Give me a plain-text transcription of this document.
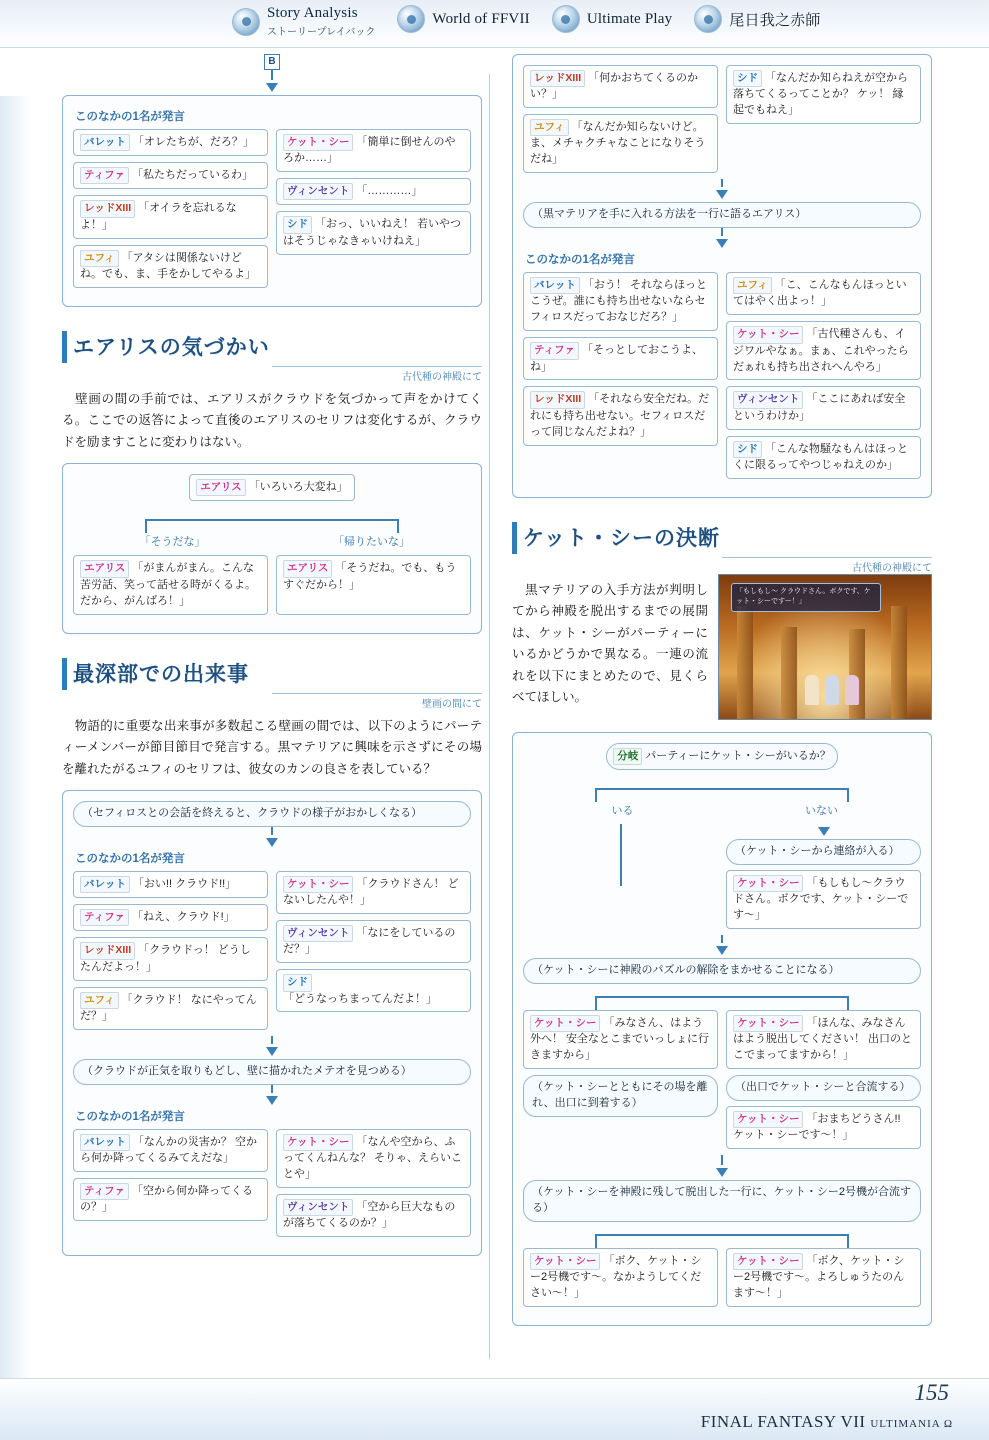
Story Analysis
ストーリープレイバック
World of FFVII	Ultimate Play	尾日我之赤師
B
このなかの1名が発言
バレット 「オレたちが、だろ？」
ティファ 「私たちだっているわ」
レッドXIII 「オイラを忘れるなよ！」
ユフィ 「アタシは関係ないけどね。でも、ま、手をかしてやるよ」
ケット・シー 「簡単に倒せんのやろか……」
ヴィンセント 「…………」
シド 「おっ、いいねえ！ 若いやつはそうじゃなきゃいけねえ」
エアリスの気づかい
古代種の神殿にて

壁画の間の手前では、エアリスがクラウドを気づかって声をかけてくる。ここでの返答によって直後のエアリスのセリフは変化するが、クラウドを励ますことに変わりはない。

エアリス 「いろいろ大変ね」
「そうだな」	「帰りたいな」
エアリス 「がまんがまん。こんな苦労話、笑って話せる時がくるよ。だから、がんばろ！」
エアリス 「そうだね。でも、もうすぐだから！」
最深部での出来事
壁画の間にて

物語的に重要な出来事が多数起こる壁画の間では、以下のようにパーティーメンバーが節目節目で発言する。黒マテリアに興味を示さずにその場を離れたがるユフィのセリフは、彼女のカンの良さを表している？

（セフィロスとの会話を終えると、クラウドの様子がおかしくなる）
このなかの1名が発言
バレット 「おい!! クラウド!!」
ティファ 「ねえ、クラウド!」
レッドXIII 「クラウドっ！ どうしたんだよっ！」
ユフィ 「クラウド！ なにやってんだ？」
ケット・シー 「クラウドさん！ どないしたんや！」
ヴィンセント 「なにをしているのだ？」
シド「どうなっちまってんだよ！」
（クラウドが正気を取りもどし、壁に描かれたメテオを見つめる）
このなかの1名が発言
バレット 「なんかの災害か？ 空から何か降ってくるみてえだな」
ティファ 「空から何か降ってくるの？」
ケット・シー 「なんや空から、ふってくんねんな？ そりゃ、えらいことや」
ヴィンセント 「空から巨大なものが落ちてくるのか？」
レッドXIII 「何かおちてくるのかい？」
ユフィ 「なんだか知らないけど。ま、メチャクチャなことになりそうだね」
シド 「なんだか知らねえが空から落ちてくるってことか？ ケッ！ 縁起でもねえ」
（黒マテリアを手に入れる方法を一行に語るエアリス）
このなかの1名が発言
バレット 「おう！ それならほっとこうぜ。誰にも持ち出せないならセフィロスだっておなじだろ？」
ティファ 「そっとしておこうよ、ね」
レッドXIII 「それなら安全だね。だれにも持ち出せない。セフィロスだって同じなんだよね？」
ユフィ 「こ、こんなもんほっといてはやく出よっ！」
ケット・シー 「古代種さんも、イジワルやなぁ。まぁ、これやったらだぁれも持ち出されへんやろ」
ヴィンセント 「ここにあれば安全というわけか」
シド 「こんな物騒なもんはほっとくに限るってやつじゃねえのか」
ケット・シーの決断
古代種の神殿にて
「もしもし～ クラウドさん。ボクです、ケット・シーですー！」

黒マテリアの入手方法が判明してから神殿を脱出するまでの展開は、ケット・シーがパーティーにいるかどうかで異なる。一連の流れを以下にまとめたので、見くらべてほしい。

分岐 パーティーにケット・シーがいるか？
いる	いない
（ケット・シーから連絡が入る）
ケット・シー 「もしもし～クラウドさん。ボクです、ケット・シーです～」
（ケット・シーに神殿のパズルの解除をまかせることになる）
ケット・シー 「みなさん、はよう外へ！ 安全なとこまでいっしょに行きますから」
（ケット・シーとともにその場を離れ、出口に到着する）
ケット・シー 「ほんな、みなさんはよう脱出してください！ 出口のとこでまってますから！」
（出口でケット・シーと合流する）
ケット・シー 「おまちどうさん!! ケット・シーです～！」
（ケット・シーを神殿に残して脱出した一行に、ケット・シー2号機が合流する）
ケット・シー 「ボク、ケット・シー2号機です～。なかようしてください～！」
ケット・シー 「ボク、ケット・シー2号機です～。よろしゅうたのんます～！」
155
FINAL FANTASY VII ULTIMANIA Ω
